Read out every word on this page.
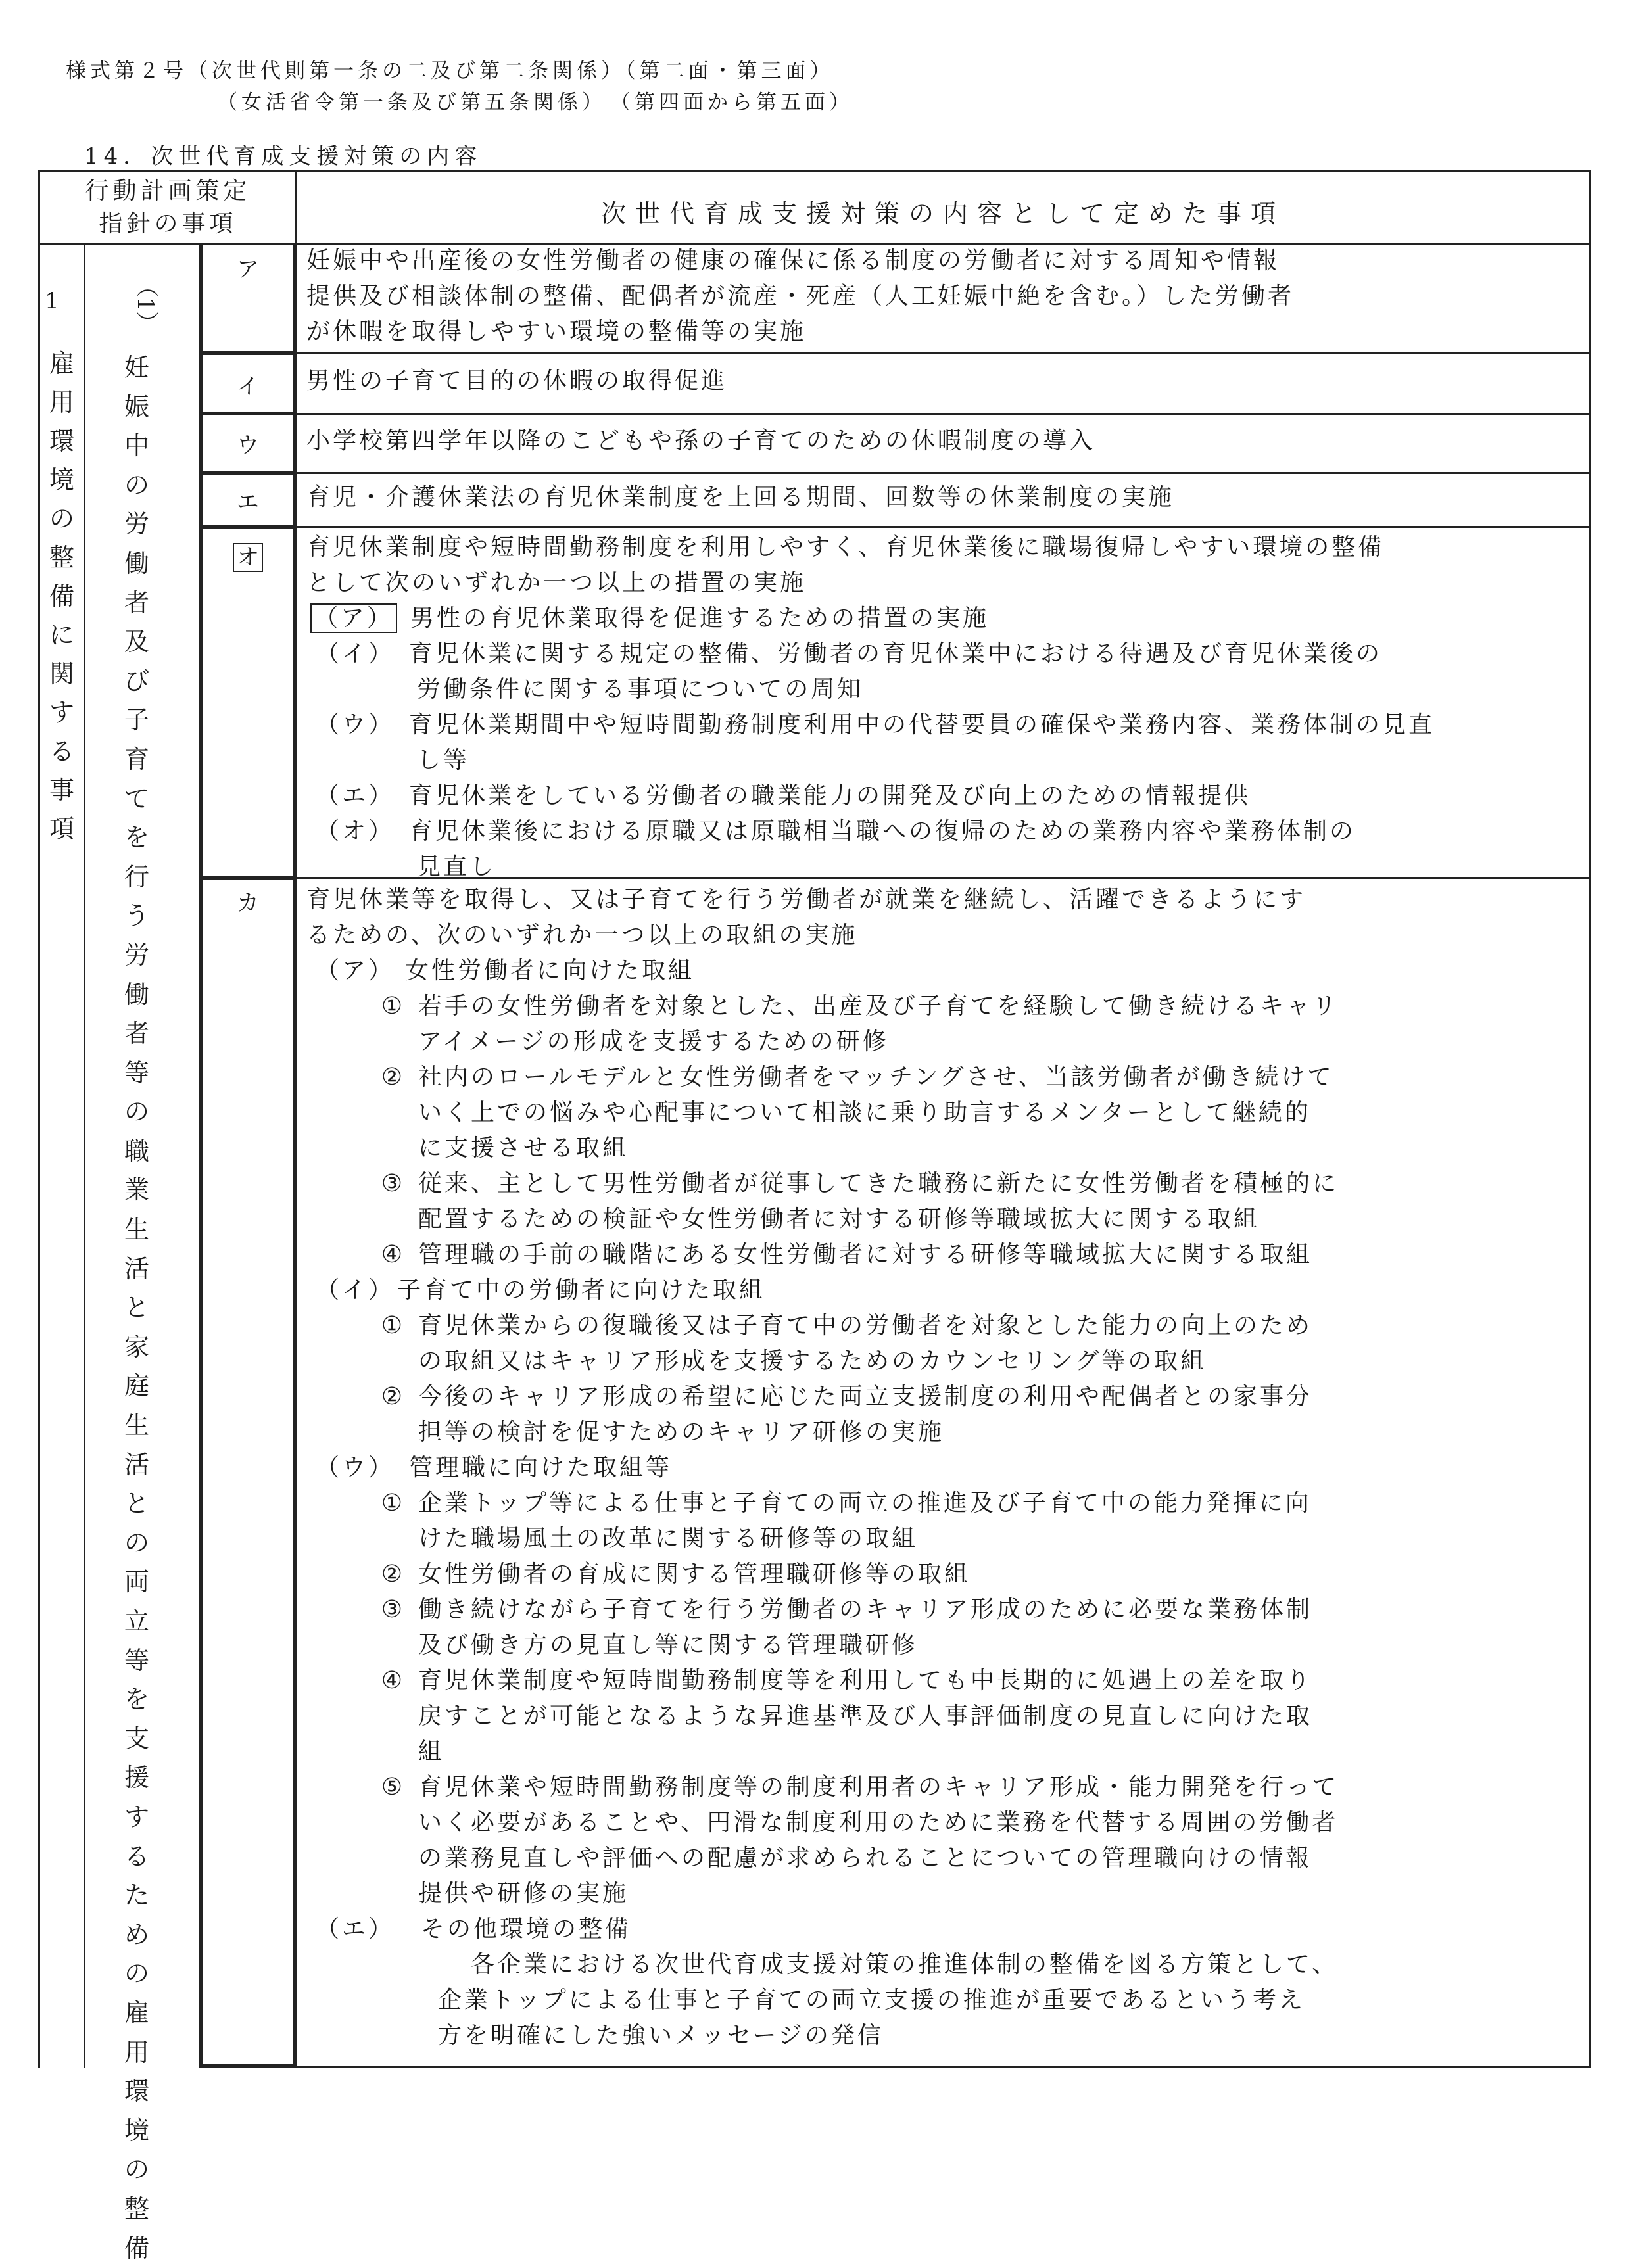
様式第２号（次世代則第一条の二及び第二条関係）（第二面・第三面）
（女活省令第一条及び第五条関係）　（第四面から第五面）
14．次世代育成支援対策の内容
行動計画策定
指針の事項	次世代育成支援対策の内容として定めた事項
1
雇用環境の整備に関する事項
（1）
妊娠中の労働者及び子育てを行う労働者等の職業生活と家庭生活との両立等を支援するための雇用環境の整備
ア	妊娠中や出産後の女性労働者の健康の確保に係る制度の労働者に対する周知や情報
提供及び相談体制の整備、配偶者が流産・死産（人工妊娠中絶を含む。）した労働者
が休暇を取得しやすい環境の整備等の実施
イ	男性の子育て目的の休暇の取得促進
ウ	小学校第四学年以降のこどもや孫の子育てのための休暇制度の導入
エ	育児・介護休業法の育児休業制度を上回る期間、回数等の休業制度の実施
オ	育児休業制度や短時間勤務制度を利用しやすく、育児休業後に職場復帰しやすい環境の整備
として次のいずれか一つ以上の措置の実施
（ア） 男性の育児休業取得を促進するための措置の実施
（イ） 育児休業に関する規定の整備、労働者の育児休業中における待遇及び育児休業後の
労働条件に関する事項についての周知
（ウ） 育児休業期間中や短時間勤務制度利用中の代替要員の確保や業務内容、業務体制の見直
し等
（エ） 育児休業をしている労働者の職業能力の開発及び向上のための情報提供
（オ） 育児休業後における原職又は原職相当職への復帰のための業務内容や業務体制の
見直し
カ	育児休業等を取得し、又は子育てを行う労働者が就業を継続し、活躍できるようにす
るための、次のいずれか一つ以上の取組の実施
（ア） 女性労働者に向けた取組
① 若手の女性労働者を対象とした、出産及び子育てを経験して働き続けるキャリ
アイメージの形成を支援するための研修
② 社内のロールモデルと女性労働者をマッチングさせ、当該労働者が働き続けて
いく上での悩みや心配事について相談に乗り助言するメンターとして継続的
に支援させる取組
③ 従来、主として男性労働者が従事してきた職務に新たに女性労働者を積極的に
配置するための検証や女性労働者に対する研修等職域拡大に関する取組
④ 管理職の手前の職階にある女性労働者に対する研修等職域拡大に関する取組
（イ） 子育て中の労働者に向けた取組
① 育児休業からの復職後又は子育て中の労働者を対象とした能力の向上のため
の取組又はキャリア形成を支援するためのカウンセリング等の取組
② 今後のキャリア形成の希望に応じた両立支援制度の利用や配偶者との家事分
担等の検討を促すためのキャリア研修の実施
（ウ） 管理職に向けた取組等
① 企業トップ等による仕事と子育ての両立の推進及び子育て中の能力発揮に向
けた職場風土の改革に関する研修等の取組
② 女性労働者の育成に関する管理職研修等の取組
③ 働き続けながら子育てを行う労働者のキャリア形成のために必要な業務体制
及び働き方の見直し等に関する管理職研修
④ 育児休業制度や短時間勤務制度等を利用しても中長期的に処遇上の差を取り
戻すことが可能となるような昇進基準及び人事評価制度の見直しに向けた取
組
⑤ 育児休業や短時間勤務制度等の制度利用者のキャリア形成・能力開発を行って
いく必要があることや、円滑な制度利用のために業務を代替する周囲の労働者
の業務見直しや評価への配慮が求められることについての管理職向けの情報
提供や研修の実施
（エ） その他環境の整備
各企業における次世代育成支援対策の推進体制の整備を図る方策として、
企業トップによる仕事と子育ての両立支援の推進が重要であるという考え
方を明確にした強いメッセージの発信
